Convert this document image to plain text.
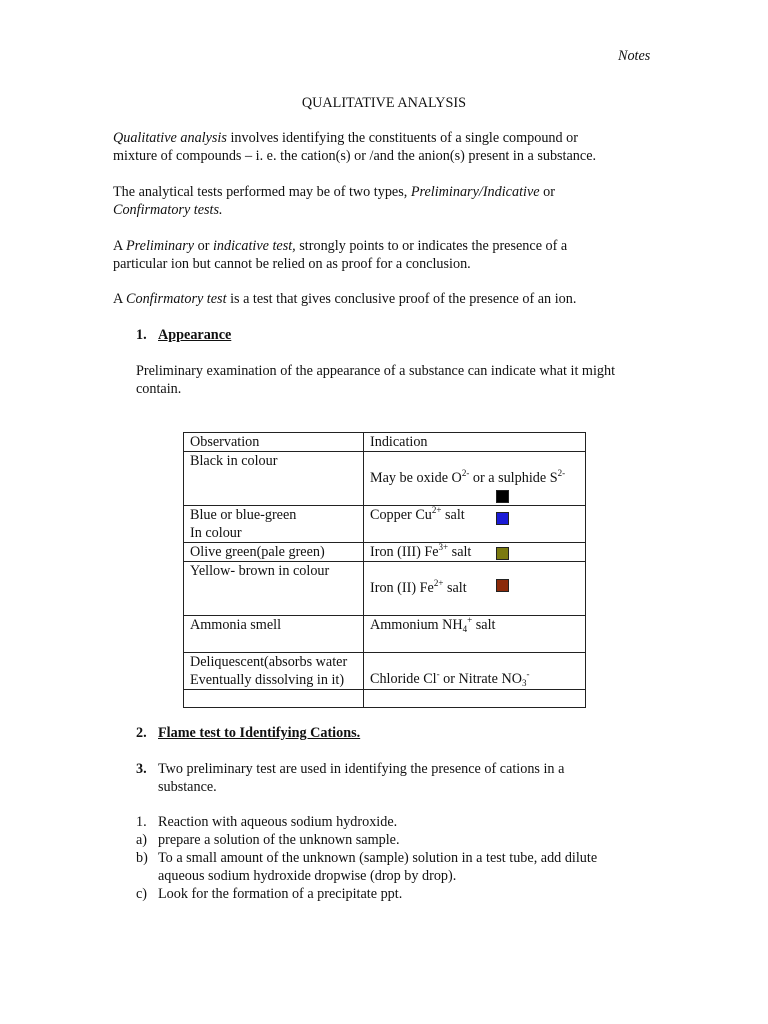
Notes
QUALITATIVE ANALYSIS
Qualitative analysis involves identifying the constituents of a single compound or
mixture of compounds – i. e. the cation(s) or /and the anion(s) present in a substance.
The analytical tests performed may be of two types, Preliminary/Indicative or
Confirmatory tests.
A Preliminary or indicative test, strongly points to or indicates the presence of a
particular ion but cannot be relied on as proof for a conclusion.
A Confirmatory test is a test that gives conclusive proof of the presence of an ion.
1. Appearance
Preliminary examination of the appearance of a substance can indicate what it might
contain.
Observation	Indication
Black in colour	May be oxide $O^{2-}$ or a sulphide $S^{2-}$

Blue or blue-green
In colour	Copper $Cu^{2+}$ salt

Olive green(pale green)	Iron (III) $Fe^{3+}$ salt

Yellow- brown in colour	Iron (II) $Fe^{2+}$ salt

Ammonia smell	Ammonium $NH_4^+$ salt

Deliquescent(absorbs water
Eventually dissolving in it)	Chloride Cl- or Nitrate $NO_3^-$

2. Flame test to Identifying Cations.
3. Two preliminary test are used in identifying the presence of cations in a
substance.
1. Reaction with aqueous sodium hydroxide.
a) prepare a solution of the unknown sample.
b) To a small amount of the unknown (sample) solution in a test tube, add dilute
aqueous sodium hydroxide dropwise (drop by drop).
c) Look for the formation of a precipitate ppt.
